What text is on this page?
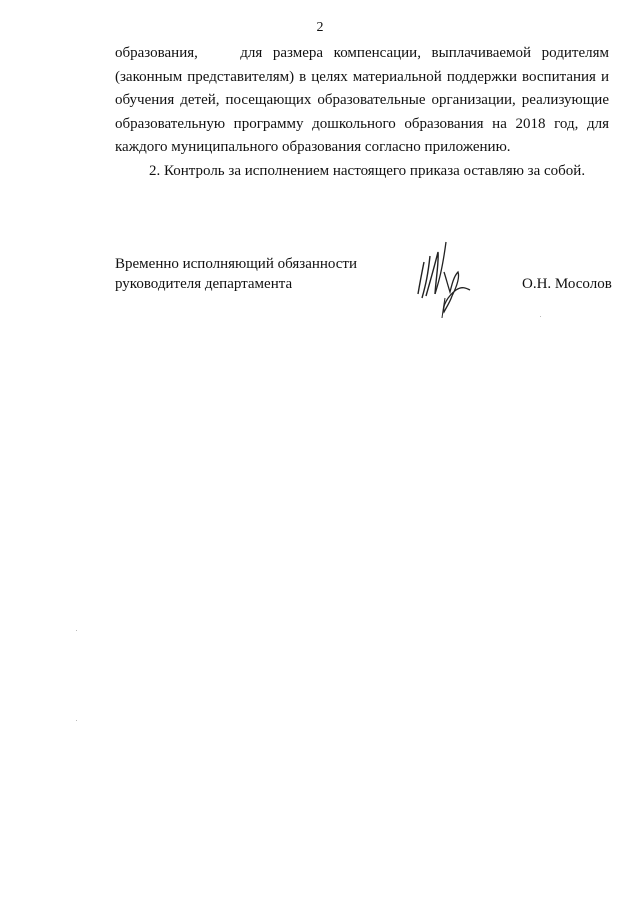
2

образования,    для размера компенсации, выплачиваемой родителям (законным представителям) в целях материальной поддержки воспитания и обучения детей, посещающих образовательные организации, реализующие образовательную программу дошкольного образования на 2018 год, для каждого муниципального образования согласно приложению.

2. Контроль за исполнением настоящего приказа оставляю за собой.

Временно исполняющий обязанности
руководителя департамента	О.Н. Мосолов
